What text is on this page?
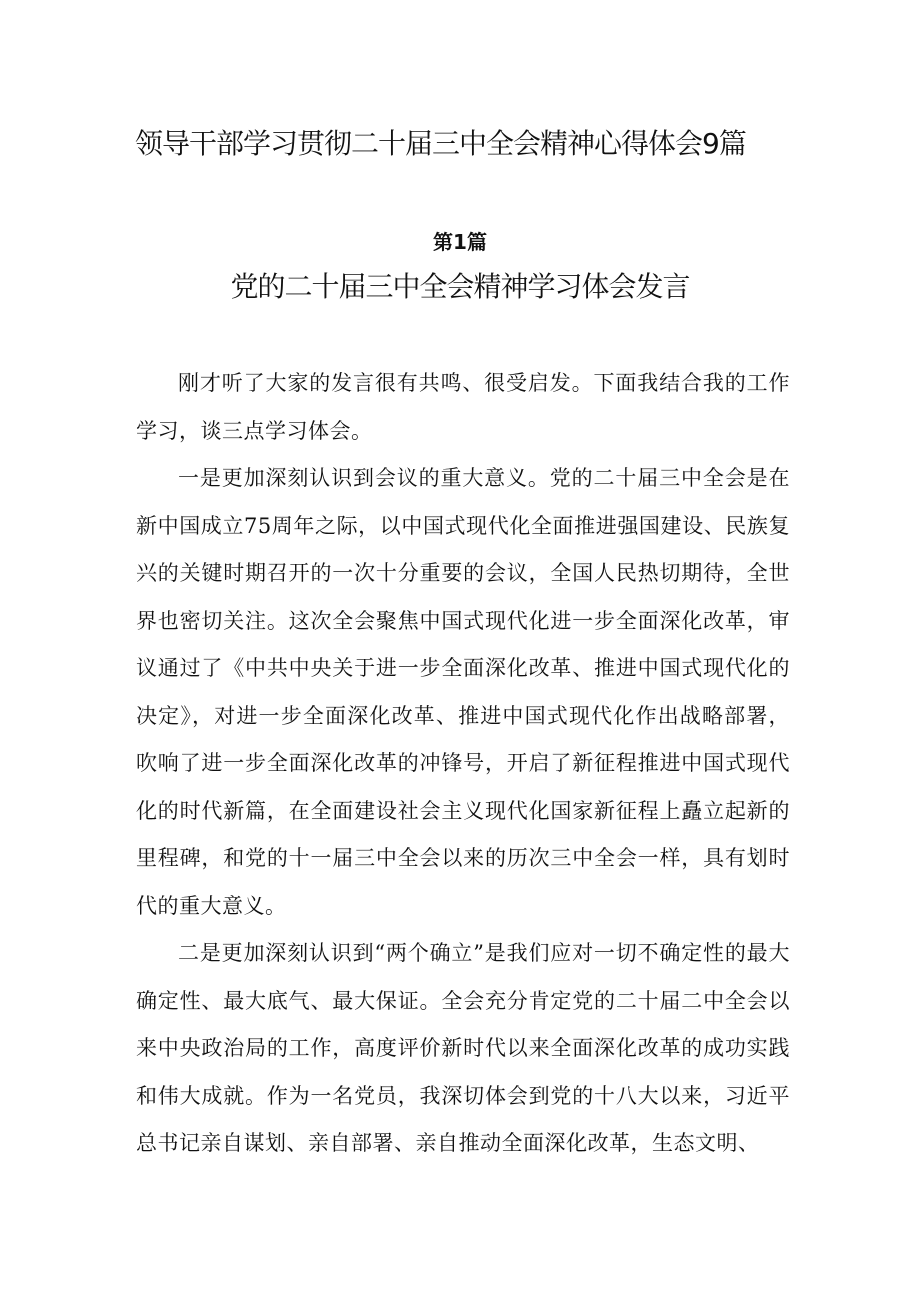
领导干部学习贯彻二十届三中全会精神心得体会9篇
第1篇
党的二十届三中全会精神学习体会发言

刚才听了大家的发言很有共鸣、很受启发。下面我结合我的工作学习，谈三点学习体会。

一是更加深刻认识到会议的重大意义。党的二十届三中全会是在新中国成立75周年之际，以中国式现代化全面推进强国建设、民族复兴的关键时期召开的一次十分重要的会议，全国人民热切期待，全世界也密切关注。这次全会聚焦中国式现代化进一步全面深化改革，审议通过了《中共中央关于进一步全面深化改革、推进中国式现代化的决定》，对进一步全面深化改革、推进中国式现代化作出战略部署，吹响了进一步全面深化改革的冲锋号，开启了新征程推进中国式现代化的时代新篇，在全面建设社会主义现代化国家新征程上矗立起新的里程碑，和党的十一届三中全会以来的历次三中全会一样，具有划时代的重大意义。

二是更加深刻认识到“两个确立”是我们应对一切不确定性的最大确定性、最大底气、最大保证。全会充分肯定党的二十届二中全会以来中央政治局的工作，高度评价新时代以来全面深化改革的成功实践和伟大成就。作为一名党员，我深切体会到党的十八大以来，习近平总书记亲自谋划、亲自部署、亲自推动全面深化改革，生态文明、
